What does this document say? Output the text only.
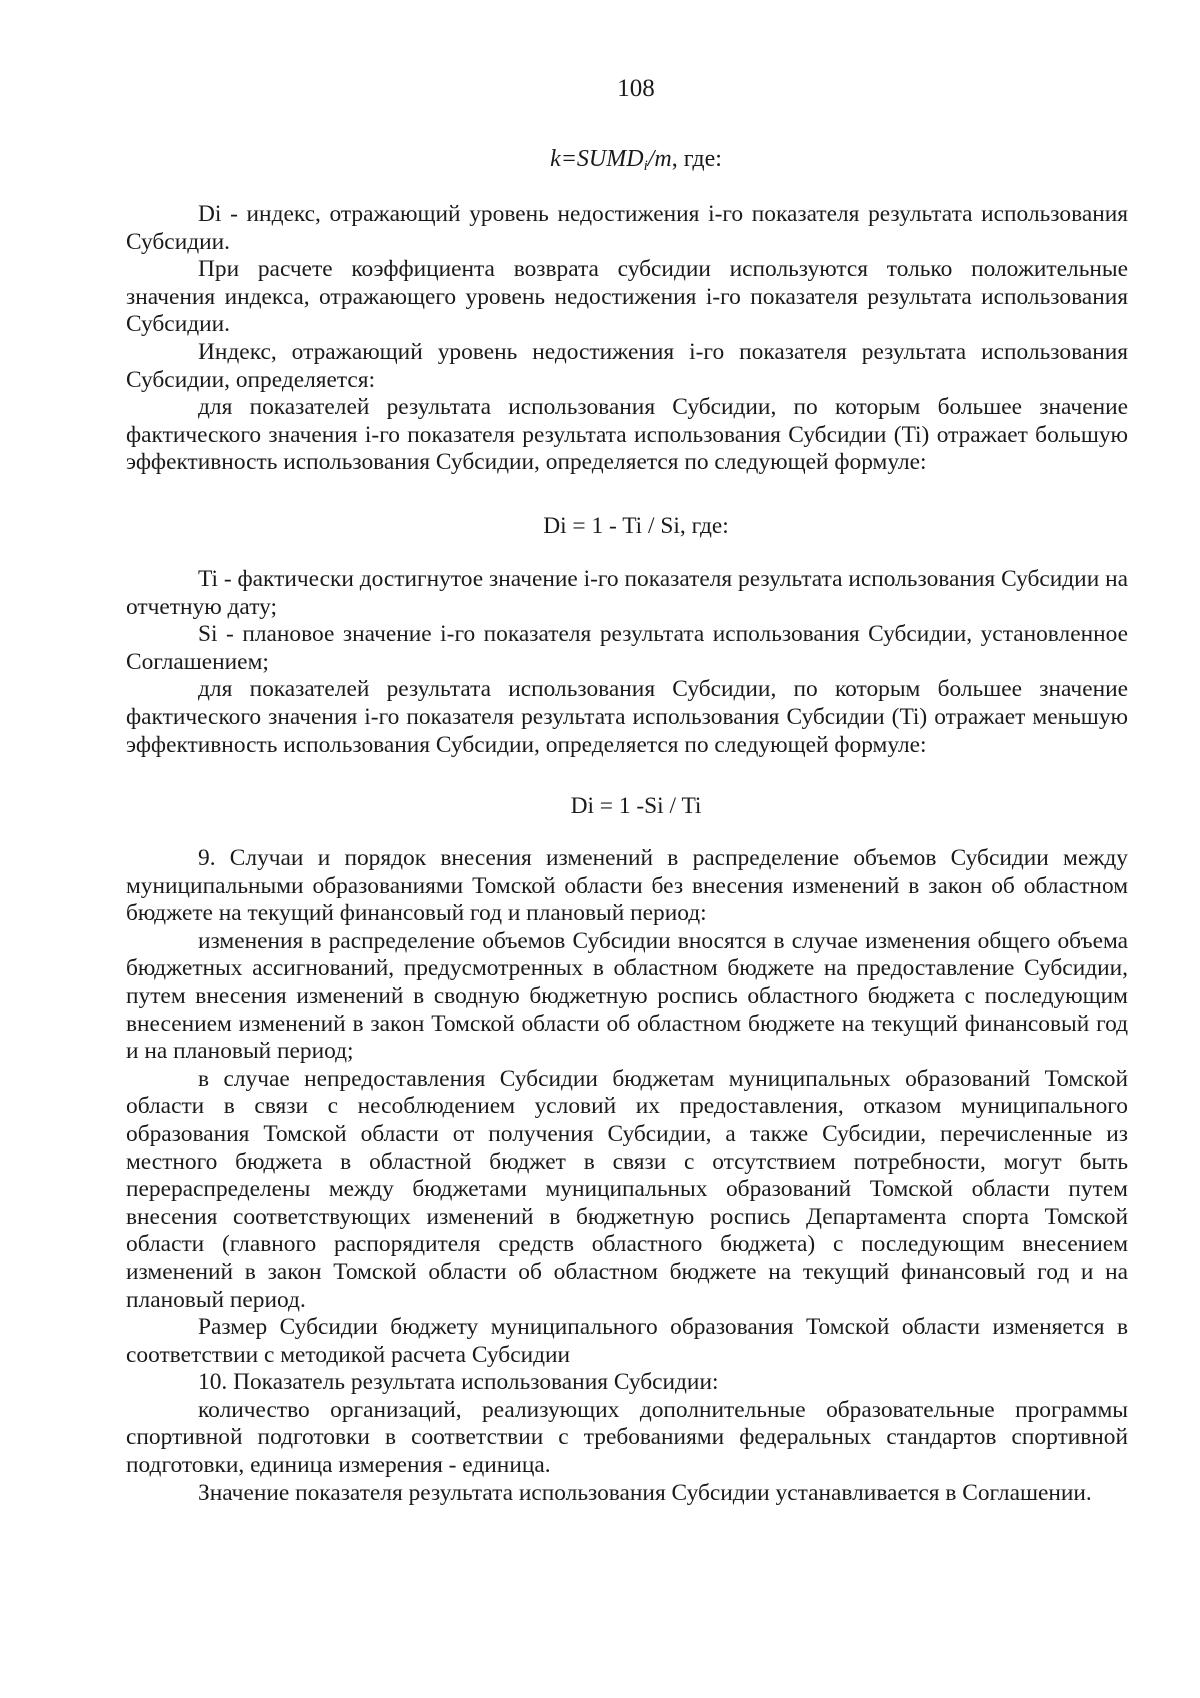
108
$k=SUMD_i/m$, где:

Di - индекс, отражающий уровень недостижения i-го показателя результата использования Субсидии.

При расчете коэффициента возврата субсидии используются только положительные значения индекса, отражающего уровень недостижения i-го показателя результата использования Субсидии.

Индекс, отражающий уровень недостижения i-го показателя результата использования Субсидии, определяется:

для показателей результата использования Субсидии, по которым большее значение фактического значения i-го показателя результата использования Субсидии (Ti) отражает большую эффективность использования Субсидии, определяется по следующей формуле:

Di = 1 - Ti / Si, где:

Ti - фактически достигнутое значение i-го показателя результата использования Субсидии на отчетную дату;

Si - плановое значение i-го показателя результата использования Субсидии, установленное Соглашением;

для показателей результата использования Субсидии, по которым большее значение фактического значения i-го показателя результата использования Субсидии (Ti) отражает меньшую эффективность использования Субсидии, определяется по следующей формуле:

Di = 1 -Si / Ti

9. Случаи и порядок внесения изменений в распределение объемов Субсидии между муниципальными образованиями Томской области без внесения изменений в закон об областном бюджете на текущий финансовый год и плановый период:

изменения в распределение объемов Субсидии вносятся в случае изменения общего объема бюджетных ассигнований, предусмотренных в областном бюджете на предоставление Субсидии, путем внесения изменений в сводную бюджетную роспись областного бюджета с последующим внесением изменений в закон Томской области об областном бюджете на текущий финансовый год и на плановый период;

в случае непредоставления Субсидии бюджетам муниципальных образований Томской области в связи с несоблюдением условий их предоставления, отказом муниципального образования Томской области от получения Субсидии, а также Субсидии, перечисленные из местного бюджета в областной бюджет в связи с отсутствием потребности, могут быть перераспределены между бюджетами муниципальных образований Томской области путем внесения соответствующих изменений в бюджетную роспись Департамента спорта Томской области (главного распорядителя средств областного бюджета) с последующим внесением изменений в закон Томской области об областном бюджете на текущий финансовый год и на плановый период.

Размер Субсидии бюджету муниципального образования Томской области изменяется в соответствии с методикой расчета Субсидии

10. Показатель результата использования Субсидии:

количество организаций, реализующих дополнительные образовательные программы спортивной подготовки в соответствии с требованиями федеральных стандартов спортивной подготовки, единица измерения - единица.

Значение показателя результата использования Субсидии устанавливается в Соглашении.
